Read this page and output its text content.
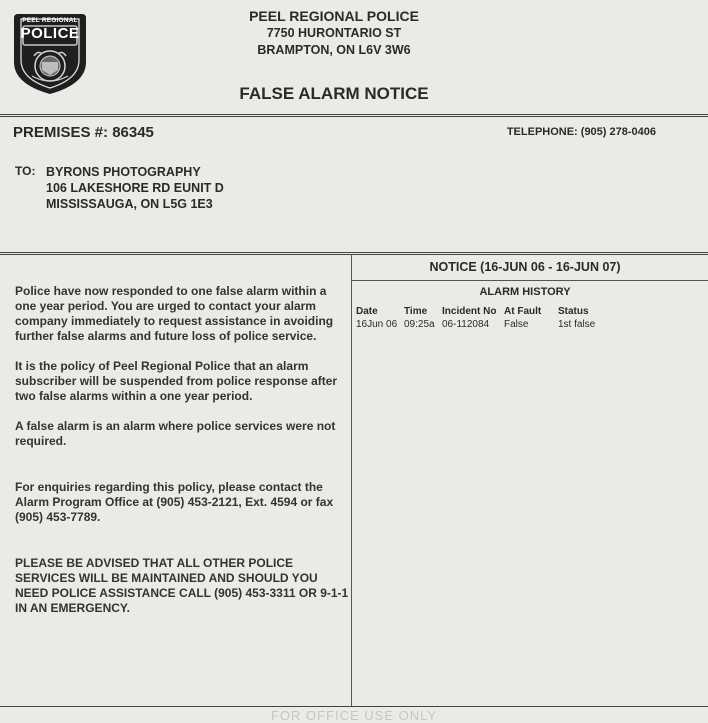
PEEL REGIONAL
POLICE
PEEL REGIONAL POLICE
7750 HURONTARIO ST
BRAMPTON, ON L6V 3W6
FALSE ALARM NOTICE
PREMISES #: 86345	TELEPHONE: (905) 278-0406
TO: BYRONS PHOTOGRAPHY
106 LAKESHORE RD EUNIT D
MISSISSAUGA, ON L5G 1E3

Police have now responded to one false alarm within a one year period. You are urged to contact your alarm company immediately to request assistance in avoiding further false alarms and future loss of police service.

It is the policy of Peel Regional Police that an alarm subscriber will be suspended from police response after two false alarms within a one year period.

A false alarm is an alarm where police services were not required.

For enquiries regarding this policy, please contact the Alarm Program Office at (905) 453-2121, Ext. 4594 or fax (905) 453-7789.

PLEASE BE ADVISED THAT ALL OTHER POLICE SERVICES WILL BE MAINTAINED AND SHOULD YOU NEED POLICE ASSISTANCE CALL (905) 453-3311 OR 9-1-1 IN AN EMERGENCY.

NOTICE (16-JUN 06 - 16-JUN 07)
ALARM HISTORY
Date	Time	Incident No	At Fault	Status
16Jun 06	09:25a	06-112084	False	1st false
FOR OFFICE USE ONLY
